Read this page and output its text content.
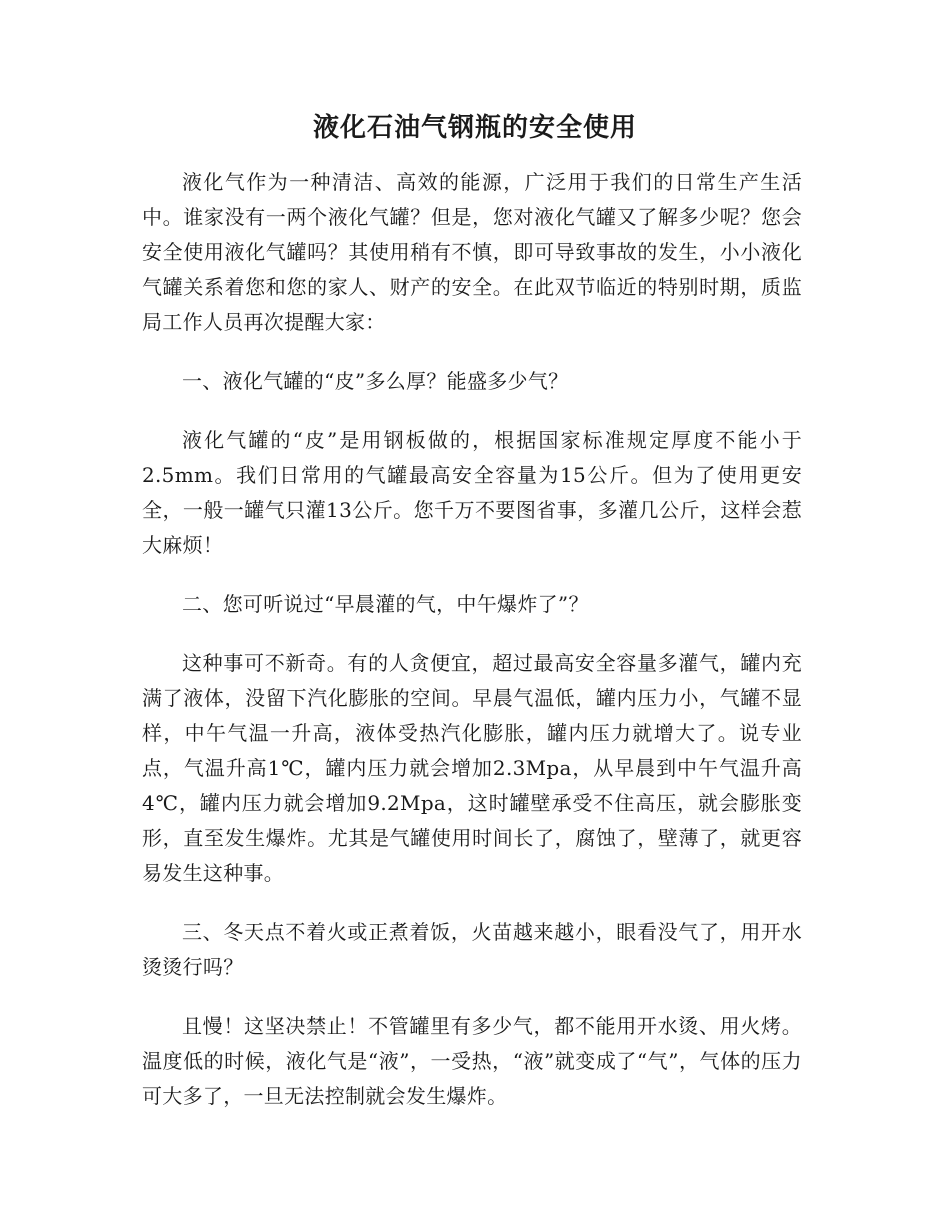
液化石油气钢瓶的安全使用

液化气作为一种清洁、高效的能源，广泛用于我们的日常生产生活中。谁家没有一两个液化气罐？但是，您对液化气罐又了解多少呢？您会安全使用液化气罐吗？其使用稍有不慎，即可导致事故的发生，小小液化气罐关系着您和您的家人、财产的安全。在此双节临近的特别时期，质监局工作人员再次提醒大家：

一、液化气罐的“皮”多么厚？能盛多少气？

液化气罐的“皮”是用钢板做的，根据国家标准规定厚度不能小于2.5mm。我们日常用的气罐最高安全容量为15公斤。但为了使用更安全，一般一罐气只灌13公斤。您千万不要图省事，多灌几公斤，这样会惹大麻烦！

二、您可听说过“早晨灌的气，中午爆炸了”？

这种事可不新奇。有的人贪便宜，超过最高安全容量多灌气，罐内充满了液体，没留下汽化膨胀的空间。早晨气温低，罐内压力小，气罐不显样，中午气温一升高，液体受热汽化膨胀，罐内压力就增大了。说专业点，气温升高1℃，罐内压力就会增加2.3Mpa，从早晨到中午气温升高4℃，罐内压力就会增加9.2Mpa，这时罐壁承受不住高压，就会膨胀变形，直至发生爆炸。尤其是气罐使用时间长了，腐蚀了，壁薄了，就更容易发生这种事。

三、冬天点不着火或正煮着饭，火苗越来越小，眼看没气了，用开水烫烫行吗？

且慢！这坚决禁止！不管罐里有多少气，都不能用开水烫、用火烤。温度低的时候，液化气是“液”，一受热，“液”就变成了“气”，气体的压力可大多了，一旦无法控制就会发生爆炸。
